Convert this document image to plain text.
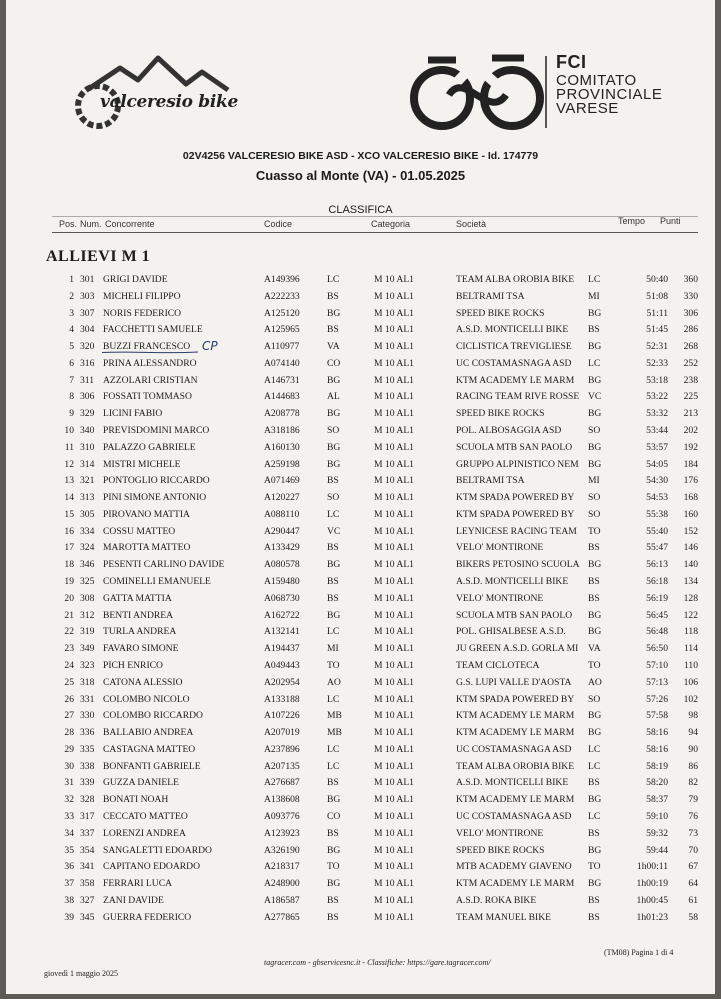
valceresio bike
FCI
COMITATO
PROVINCIALE
VARESE
02V4256 VALCERESIO BIKE ASD - XCO VALCERESIO BIKE - Id. 174779
Cuasso al Monte (VA) - 01.05.2025
CLASSIFICA
Pos. Num. Concorrente	Codice	Categoria	Società	Tempo Punti
ALLIEVI M 1
1 301 GRIGI DAVIDE	A149396	LC	M 10 AL1	TEAM ALBA OROBIA BIKE LC	50:40	360
2 303 MICHELI FILIPPO	A222233	BS	M 10 AL1	BELTRAMI TSA	MI	51:08	330
3 307 NORIS FEDERICO	A125120	BG	M 10 AL1	SPEED BIKE ROCKS	BG	51:11	306
4 304 FACCHETTI SAMUELE	A125965	BS	M 10 AL1	A.S.D. MONTICELLI BIKE BS	51:45	286
5 320 BUZZI FRANCESCO	A110977	VA	M 10 AL1	CICLISTICA TREVIGLIESE BG	52:31	268
6 316 PRINA ALESSANDRO	A074140	CO	M 10 AL1	UC COSTAMASNAGA ASD LC	52:33	252
7 311 AZZOLARI CRISTIAN	A146731	BG	M 10 AL1	KTM ACADEMY LE MARM BG	53:18	238
8 306 FOSSATI TOMMASO	A144683	AL	M 10 AL1	RACING TEAM RIVE ROSSE VC	53:22	225
9 329 LICINI FABIO	A208778	BG	M 10 AL1	SPEED BIKE ROCKS	BG	53:32	213
10 340 PREVISDOMINI MARCO	A318186	SO	M 10 AL1	POL. ALBOSAGGIA ASD	SO	53:44	202
11 310 PALAZZO GABRIELE	A160130	BG	M 10 AL1	SCUOLA MTB SAN PAOLO BG	53:57	192
12 314 MISTRI MICHELE	A259198	BG	M 10 AL1	GRUPPO ALPINISTICO NEM BG	54:05	184
13 321 PONTOGLIO RICCARDO	A071469	BS	M 10 AL1	BELTRAMI TSA	MI	54:30	176
14 313 PINI SIMONE ANTONIO	A120227	SO	M 10 AL1	KTM SPADA POWERED BY SO	54:53	168
15 305 PIROVANO MATTIA	A088110	LC	M 10 AL1	KTM SPADA POWERED BY SO	55:38	160
16 334 COSSU MATTEO	A290447	VC	M 10 AL1	LEYNICESE RACING TEAM TO	55:40	152
17 324 MAROTTA MATTEO	A133429	BS	M 10 AL1	VELO' MONTIRONE	BS	55:47	146
18 346 PESENTI CARLINO DAVIDE	A080578	BG	M 10 AL1	BIKERS PETOSINO SCUOLA BG	56:13	140
19 325 COMINELLI EMANUELE	A159480	BS	M 10 AL1	A.S.D. MONTICELLI BIKE BS	56:18	134
20 308 GATTA MATTIA	A068730	BS	M 10 AL1	VELO' MONTIRONE	BS	56:19	128
21 312 BENTI ANDREA	A162722	BG	M 10 AL1	SCUOLA MTB SAN PAOLO BG	56:45	122
22 319 TURLA ANDREA	A132141	LC	M 10 AL1	POL. GHISALBESE A.S.D. BG	56:48	118
23 349 FAVARO SIMONE	A194437	MI	M 10 AL1	JU GREEN A.S.D. GORLA MI VA	56:50	114
24 323 PICH ENRICO	A049443	TO	M 10 AL1	TEAM CICLOTECA	TO	57:10	110
25 318 CATONA ALESSIO	A202954	AO	M 10 AL1	G.S. LUPI VALLE D'AOSTA AO	57:13	106
26 331 COLOMBO NICOLO	A133188	LC	M 10 AL1	KTM SPADA POWERED BY SO	57:26	102
27 330 COLOMBO RICCARDO	A107226	MB	M 10 AL1	KTM ACADEMY LE MARM BG	57:58	98
28 336 BALLABIO ANDREA	A207019	MB	M 10 AL1	KTM ACADEMY LE MARM BG	58:16	94
29 335 CASTAGNA MATTEO	A237896	LC	M 10 AL1	UC COSTAMASNAGA ASD LC	58:16	90
30 338 BONFANTI GABRIELE	A207135	LC	M 10 AL1	TEAM ALBA OROBIA BIKE LC	58:19	86
31 339 GUZZA DANIELE	A276687	BS	M 10 AL1	A.S.D. MONTICELLI BIKE BS	58:20	82
32 328 BONATI NOAH	A138608	BG	M 10 AL1	KTM ACADEMY LE MARM BG	58:37	79
33 317 CECCATO MATTEO	A093776	CO	M 10 AL1	UC COSTAMASNAGA ASD LC	59:10	76
34 337 LORENZI ANDREA	A123923	BS	M 10 AL1	VELO' MONTIRONE	BS	59:32	73
35 354 SANGALETTI EDOARDO	A326190	BG	M 10 AL1	SPEED BIKE ROCKS	BG	59:44	70
36 341 CAPITANO EDOARDO	A218317	TO	M 10 AL1	MTB ACADEMY GIAVENO TO	1h00:11	67
37 358 FERRARI LUCA	A248900	BG	M 10 AL1	KTM ACADEMY LE MARM BG	1h00:19	64
38 327 ZANI DAVIDE	A186587	BS	M 10 AL1	A.S.D. ROKA BIKE	BS	1h00:45	61
39 345 GUERRA FEDERICO	A277865	BS	M 10 AL1	TEAM MANUEL BIKE	BS	1h01:23	58
CP
giovedì 1 maggio 2025
tagracer.com - gbservicesnc.it - Classifiche: https://gare.tagracer.com/
(TM08) Pagina 1 di 4
